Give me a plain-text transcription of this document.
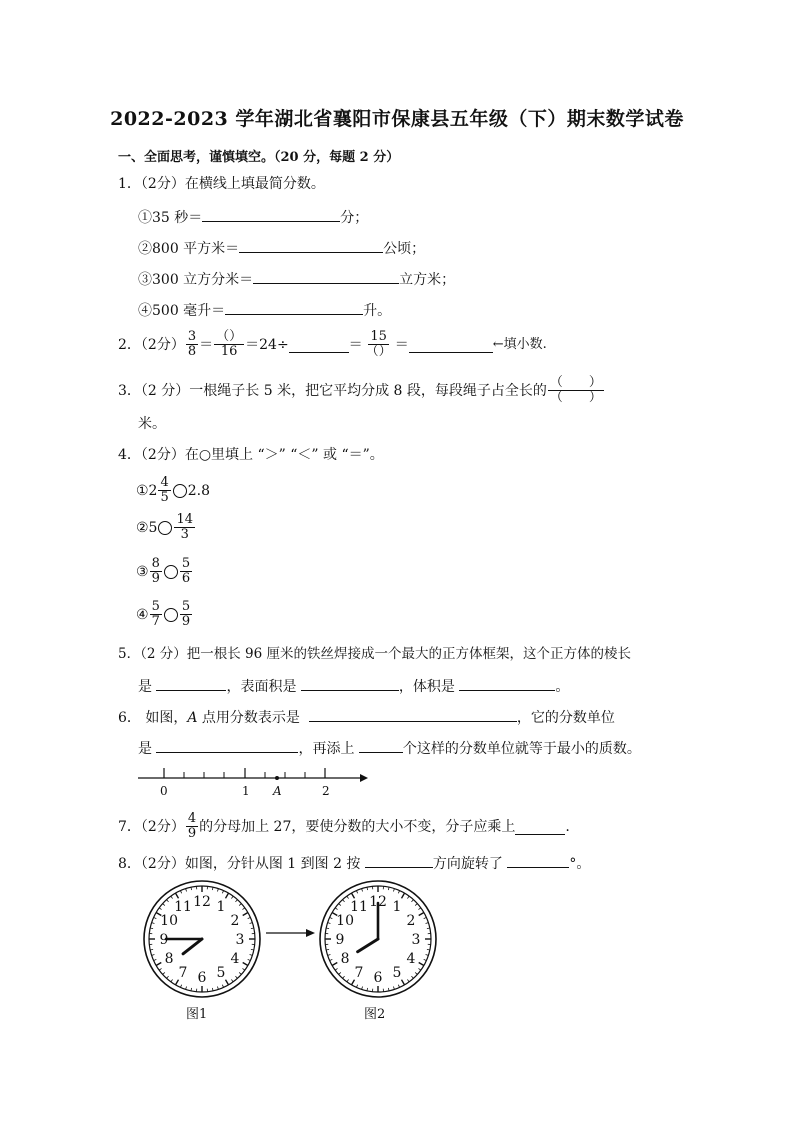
2022-2023 学年湖北省襄阳市保康县五年级（下）期末数学试卷
一、全面思考，谨慎填空。（20 分，每题 2 分）
1．（2分）在横线上填最简分数。
①35 秒＝	分；
②800 平方米＝	公顷；
③300 立方分米＝	立方米；
④500 毫升＝	升。
2．（2分） $\frac{3}{8} = \frac{()}{16} =24\div$	＝ $\frac{15}{()}$ ＝	←填小数.
3．（2 分）一根绳子长 5 米，把它平均分成 8 段，每段绳子占全长的 $\frac{( )}{( )}$
米。
4．（2分）在○里填上 “＞” “＜” 或 “＝”。
①2 $\frac{4}{5} 2.8$
②5 $\frac{14}{3}$
③ $\frac{8}{9} \frac{5}{6}$
④ $\frac{5}{7} \frac{5}{9}$
5．（2 分）把一根长 96 厘米的铁丝焊接成一个最大的正方体框架，这个正方体的棱长
是	，表面积是	，体积是	。
6． 如图，A 点用分数表示是	，它的分数单位
是	，再添上	个这样的分数单位就等于最小的质数。
0	1 A	2
7．（2分） $\frac{4}{9}$ 的分母加上 27，要使分数的大小不变，分子应乘上	.
8．（2分）如图，分针从图 1 到图 2 按	方向旋转了	°。
12 1
2
3
4
5
6
7
8
9
10
11	12 1
2
3
4
5
6
7
8
9
10
11
图1	图2
